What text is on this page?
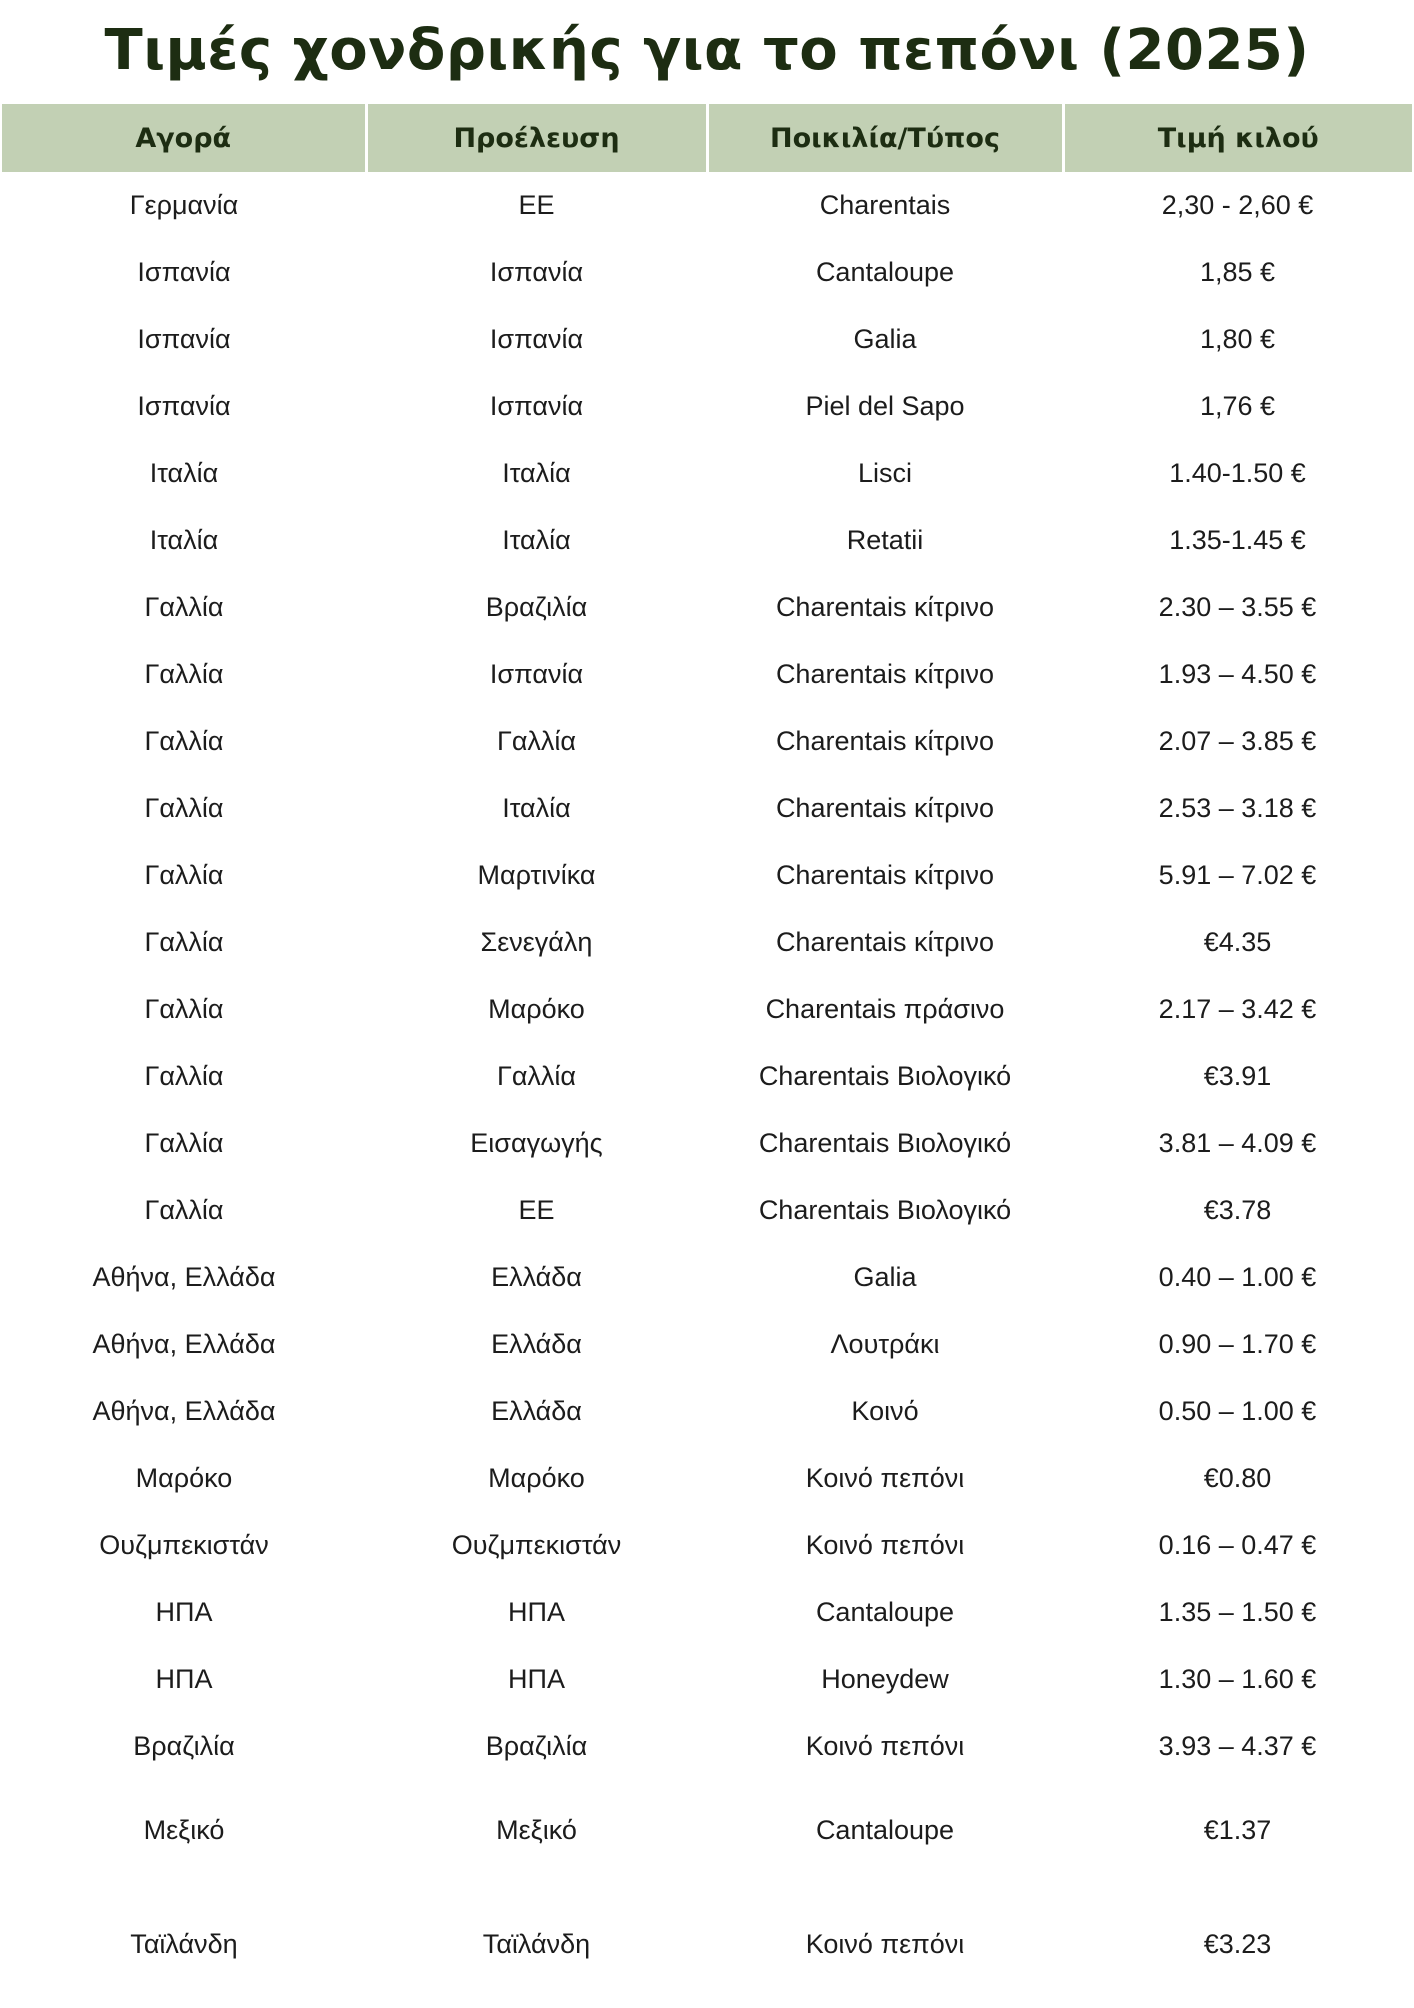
Τιμές χονδρικής για το πεπόνι (2025)
Αγορά	Προέλευση	Ποικιλία/Τύπος	Τιμή κιλού
Γερμανία	ΕΕ	Charentais	2,30 - 2,60 €
Ισπανία	Ισπανία	Cantaloupe	1,85 €
Ισπανία	Ισπανία	Galia	1,80 €
Ισπανία	Ισπανία	Piel del Sapo	1,76 €
Ιταλία	Ιταλία	Lisci	1.40-1.50 €
Ιταλία	Ιταλία	Retatii	1.35-1.45 €
Γαλλία	Βραζιλία	Charentais κίτρινο	2.30 – 3.55 €
Γαλλία	Ισπανία	Charentais κίτρινο	1.93 – 4.50 €
Γαλλία	Γαλλία	Charentais κίτρινο	2.07 – 3.85 €
Γαλλία	Ιταλία	Charentais κίτρινο	2.53 – 3.18 €
Γαλλία	Μαρτινίκα	Charentais κίτρινο	5.91 – 7.02 €
Γαλλία	Σενεγάλη	Charentais κίτρινο	€4.35
Γαλλία	Μαρόκο	Charentais πράσινο	2.17 – 3.42 €
Γαλλία	Γαλλία	Charentais Βιολογικό	€3.91
Γαλλία	Εισαγωγής	Charentais Βιολογικό	3.81 – 4.09 €
Γαλλία	ΕΕ	Charentais Βιολογικό	€3.78
Αθήνα, Ελλάδα	Ελλάδα	Galia	0.40 – 1.00 €
Αθήνα, Ελλάδα	Ελλάδα	Λουτράκι	0.90 – 1.70 €
Αθήνα, Ελλάδα	Ελλάδα	Κοινό	0.50 – 1.00 €
Μαρόκο	Μαρόκο	Κοινό πεπόνι	€0.80
Ουζμπεκιστάν	Ουζμπεκιστάν	Κοινό πεπόνι	0.16 – 0.47 €
ΗΠΑ	ΗΠΑ	Cantaloupe	1.35 – 1.50 €
ΗΠΑ	ΗΠΑ	Honeydew	1.30 – 1.60 €
Βραζιλία	Βραζιλία	Κοινό πεπόνι	3.93 – 4.37 €
Μεξικό	Μεξικό	Cantaloupe	€1.37
Ταϊλάνδη	Ταϊλάνδη	Κοινό πεπόνι	€3.23
